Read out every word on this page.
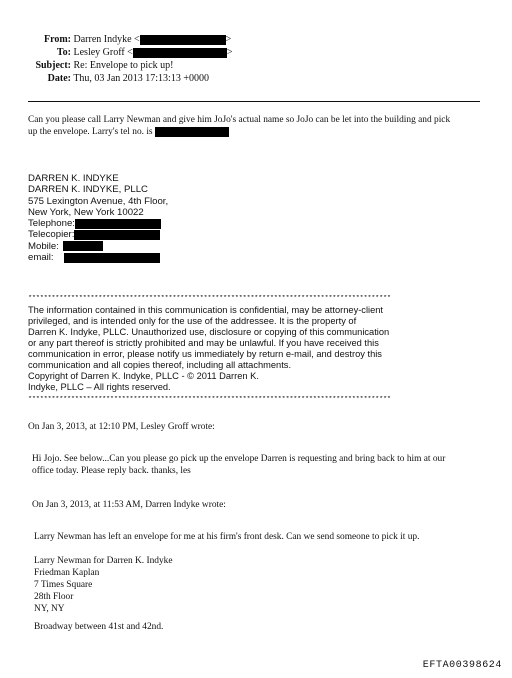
From: Darren Indyke <	>
To: Lesley Groff <	>
Subject: Re: Envelope to pick up!
Date: Thu, 03 Jan 2013 17:13:13 +0000
Can you please call Larry Newman and give him JoJo's actual name so JoJo can be let into the building and pick
up the envelope. Larry's tel no. is
DARREN K. INDYKE
DARREN K. INDYKE, PLLC
575 Lexington Avenue, 4th Floor,
New York, New York 10022
Telephone:
Telecopier:
Mobile:
email:
*********************************************************************************************
The information contained in this communication is confidential, may be attorney-client
privileged, and is intended only for the use of the addressee. It is the property of
Darren K. Indyke, PLLC. Unauthorized use, disclosure or copying of this communication
or any part thereof is strictly prohibited and may be unlawful. If you have received this
communication in error, please notify us immediately by return e-mail, and destroy this
communication and all copies thereof, including all attachments.
Copyright of Darren K. Indyke, PLLC - © 2011 Darren K.
Indyke, PLLC – All rights reserved.
*********************************************************************************************
On Jan 3, 2013, at 12:10 PM, Lesley Groff wrote:
Hi Jojo. See below...Can you please go pick up the envelope Darren is requesting and bring back to him at our
office today. Please reply back. thanks, les
On Jan 3, 2013, at 11:53 AM, Darren Indyke wrote:
Larry Newman has left an envelope for me at his firm's front desk. Can we send someone to pick it up.
Larry Newman for Darren K. Indyke
Friedman Kaplan
7 Times Square
28th Floor
NY, NY
Broadway between 41st and 42nd.
EFTA00398624
